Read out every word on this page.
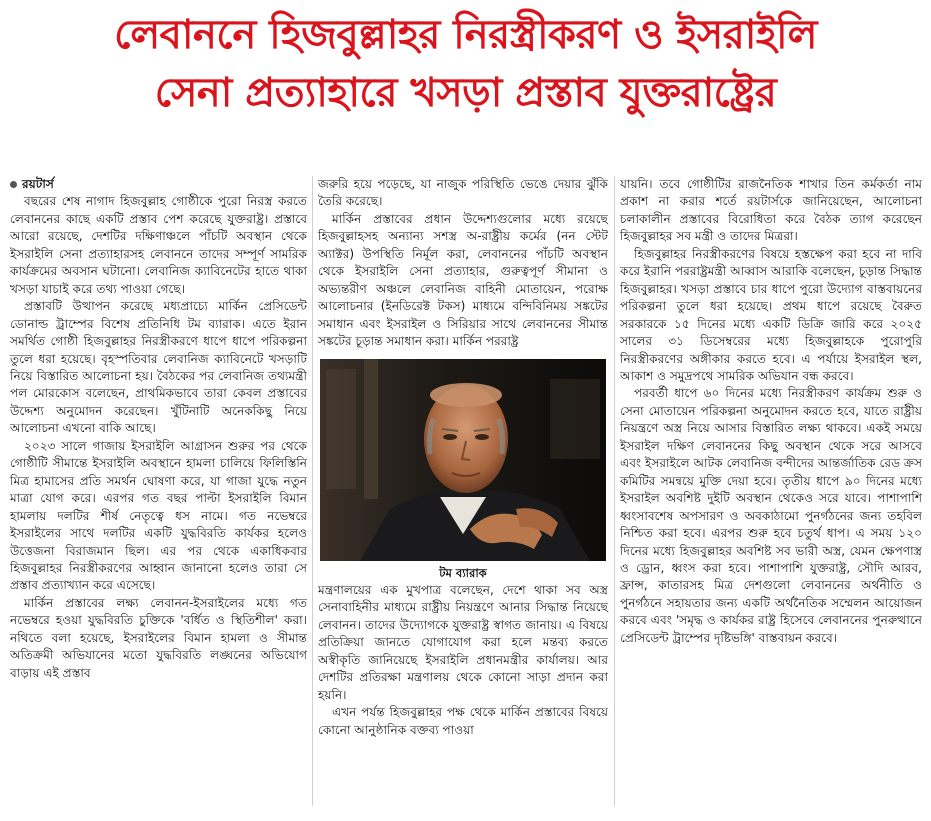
লেবাননে হিজবুল্লাহর নিরস্ত্রীকরণ ও ইসরাইলি
সেনা প্রত্যাহারে খসড়া প্রস্তাব যুক্তরাষ্ট্রের

রয়টার্স

বছরের শেষ নাগাদ হিজবুল্লাহ গোষ্ঠীকে পুরো নিরস্ত্র করতে লেবাননের কাছে একটি প্রস্তাব পেশ করেছে যুক্তরাষ্ট্র। প্রস্তাবে আরো রয়েছে, দেশটির দক্ষিণাঞ্চলে পাঁচটি অবস্থান থেকে ইসরাইলি সেনা প্রত্যাহারসহ লেবাননে তাদের সম্পূর্ণ সামরিক কার্যক্রমের অবসান ঘটানো। লেবানিজ ক্যাবিনেটের হাতে থাকা খসড়া যাচাই করে তথ্য পাওয়া গেছে।

প্রস্তাবটি উত্থাপন করেছে মধ্যপ্রাচ্যে মার্কিন প্রেসিডেন্ট ডোনাল্ড ট্রাম্পের বিশেষ প্রতিনিধি টম ব্যারাক। এতে ইরান সমর্থিত গোষ্ঠী হিজবুল্লাহর নিরস্ত্রীকরণে ধাপে ধাপে পরিকল্পনা তুলে ধরা হয়েছে। বৃহস্পতিবার লেবানিজ ক্যাবিনেটে খসড়াটি নিয়ে বিস্তারিত আলোচনা হয়। বৈঠকের পর লেবানিজ তথ্যমন্ত্রী পল মোরকোস বলেছেন, প্রাথমিকভাবে তারা কেবল প্রস্তাবের উদ্দেশ্য অনুমোদন করেছেন। খুঁটিনাটি অনেককিছু নিয়ে আলোচনা এখনো বাকি আছে।

২০২৩ সালে গাজায় ইসরাইলি আগ্রাসন শুরুর পর থেকে গোষ্ঠীটি সীমান্তে ইসরাইলি অবস্থানে হামলা চালিয়ে ফিলিস্তিনি মিত্র হামাসের প্রতি সমর্থন ঘোষণা করে, যা গাজা যুদ্ধে নতুন মাত্রা যোগ করে। এরপর গত বছর পাল্টা ইসরাইলি বিমান হামলায় দলটির শীর্ষ নেতৃত্বে ধস নামে। গত নভেম্বরে ইসরাইলের সাথে দলটির একটি যুদ্ধবিরতি কার্যকর হলেও উত্তেজনা বিরাজমান ছিল। এর পর থেকে একাধিকবার হিজবুল্লাহর নিরস্ত্রীকরণের আহ্বান জানানো হলেও তারা সে প্রস্তাব প্রত্যাখ্যান করে এসেছে।

মার্কিন প্রস্তাবের লক্ষ্য লেবানন-ইসরাইলের মধ্যে গত নভেম্বরে হওয়া যুদ্ধবিরতি চুক্তিকে 'বর্ধিত ও স্থিতিশীল' করা। নথিতে বলা হয়েছে, ইসরাইলের বিমান হামলা ও সীমান্ত অতিক্রমী অভিযানের মতো যুদ্ধবিরতি লঙ্ঘনের অভিযোগ বাড়ায় এই প্রস্তাব

জরুরি হয়ে পড়েছে, যা নাজুক পরিস্থিতি ভেঙে দেয়ার ঝুঁকি তৈরি করেছে।

মার্কিন প্রস্তাবের প্রধান উদ্দেশ্যগুলোর মধ্যে রয়েছে হিজবুল্লাহসহ অন্যান্য সশস্ত্র অ-রাষ্ট্রীয় কর্মের (নন স্টেট অ্যাক্টর) উপস্থিতি নির্মূল করা, লেবাননের পাঁচটি অবস্থান থেকে ইসরাইলি সেনা প্রত্যাহার, গুরুত্বপূর্ণ সীমানা ও অভ্যন্তরীণ অঞ্চলে লেবানিজ বাহিনী মোতায়েন, পরোক্ষ আলোচনার (ইনডিরেক্ট টকস) মাধ্যমে বন্দিবিনিময় সঙ্কটের সমাধান এবং ইসরাইল ও সিরিয়ার সাথে লেবাননের সীমান্ত সঙ্কটের চূড়ান্ত সমাধান করা। মার্কিন পররাষ্ট্র

টম ব্যারাক

মন্ত্রণালয়ের এক মুখপাত্র বলেছেন, দেশে থাকা সব অস্ত্র সেনাবাহিনীর মাধ্যমে রাষ্ট্রীয় নিয়ন্ত্রণে আনার সিদ্ধান্ত নিয়েছে লেবানন। তাদের উদ্যোগকে যুক্তরাষ্ট্র স্বাগত জানায়। এ বিষয়ে প্রতিক্রিয়া জানতে যোগাযোগ করা হলে মন্তব্য করতে অস্বীকৃতি জানিয়েছে ইসরাইলি প্রধানমন্ত্রীর কার্যালয়। আর দেশটির প্রতিরক্ষা মন্ত্রণালয় থেকে কোনো সাড়া প্রদান করা হয়নি।

এখন পর্যন্ত হিজবুল্লাহর পক্ষ থেকে মার্কিন প্রস্তাবের বিষয়ে কোনো আনুষ্ঠানিক বক্তব্য পাওয়া

যায়নি। তবে গোষ্ঠীটির রাজনৈতিক শাখার তিন কর্মকর্তা নাম প্রকাশ না করার শর্তে রয়টার্সকে জানিয়েছেন, আলোচনা চলাকালীন প্রস্তাবের বিরোধিতা করে বৈঠক ত্যাগ করেছেন হিজবুল্লাহর সব মন্ত্রী ও তাদের মিত্ররা।

হিজবুল্লাহর নিরস্ত্রীকরণের বিষয়ে হস্তক্ষেপ করা হবে না দাবি করে ইরানি পররাষ্ট্রমন্ত্রী আব্বাস আরাকি বলেছেন, চূড়ান্ত সিদ্ধান্ত হিজবুল্লাহর। খসড়া প্রস্তাবে চার ধাপে পুরো উদ্যোগ বাস্তবায়নের পরিকল্পনা তুলে ধরা হয়েছে। প্রথম ধাপে রয়েছে বৈরুত সরকারকে ১৫ দিনের মধ্যে একটি ডিক্রি জারি করে ২০২৫ সালের ৩১ ডিসেম্বরের মধ্যে হিজবুল্লাহকে পুরোপুরি নিরস্ত্রীকরণের অঙ্গীকার করতে হবে। এ পর্যায়ে ইসরাইল স্থল, আকাশ ও সমুদ্রপথে সামরিক অভিযান বন্ধ করবে।

পরবর্তী ধাপে ৬০ দিনের মধ্যে নিরস্ত্রীকরণ কার্যক্রম শুরু ও সেনা মোতায়েন পরিকল্পনা অনুমোদন করতে হবে, যাতে রাষ্ট্রীয় নিয়ন্ত্রণে অস্ত্র নিয়ে আসার বিস্তারিত লক্ষ্য থাকবে। একই সময়ে ইসরাইল দক্ষিণ লেবাননের কিছু অবস্থান থেকে সরে আসবে এবং ইসরাইলে আটক লেবানিজ বন্দীদের আন্তর্জাতিক রেড ক্রস কমিটির সমন্বয়ে মুক্তি দেয়া হবে। তৃতীয় ধাপে ৯০ দিনের মধ্যে ইসরাইল অবশিষ্ট দুইটি অবস্থান থেকেও সরে যাবে। পাশাপাশি ধ্বংসাবশেষ অপসারণ ও অবকাঠামো পুনর্গঠনের জন্য তহবিল নিশ্চিত করা হবে। এরপর শুরু হবে চতুর্থ ধাপ। এ সময় ১২০ দিনের মধ্যে হিজবুল্লাহর অবশিষ্ট সব ভারী অস্ত্র, যেমন ক্ষেপণাস্ত্র ও ড্রোন, ধ্বংস করা হবে। পাশাপাশি যুক্তরাষ্ট্র, সৌদি আরব, ফ্রান্স, কাতারসহ মিত্র দেশগুলো লেবাননের অর্থনীতি ও পুনর্গঠনে সহায়তার জন্য একটি অর্থনৈতিক সম্মেলন আয়োজন করবে এবং 'সমৃদ্ধ ও কার্যকর রাষ্ট্র হিসেবে লেবাননের পুনরুত্থানে প্রেসিডেন্ট ট্রাম্পের দৃষ্টিভঙ্গি' বাস্তবায়ন করবে।
